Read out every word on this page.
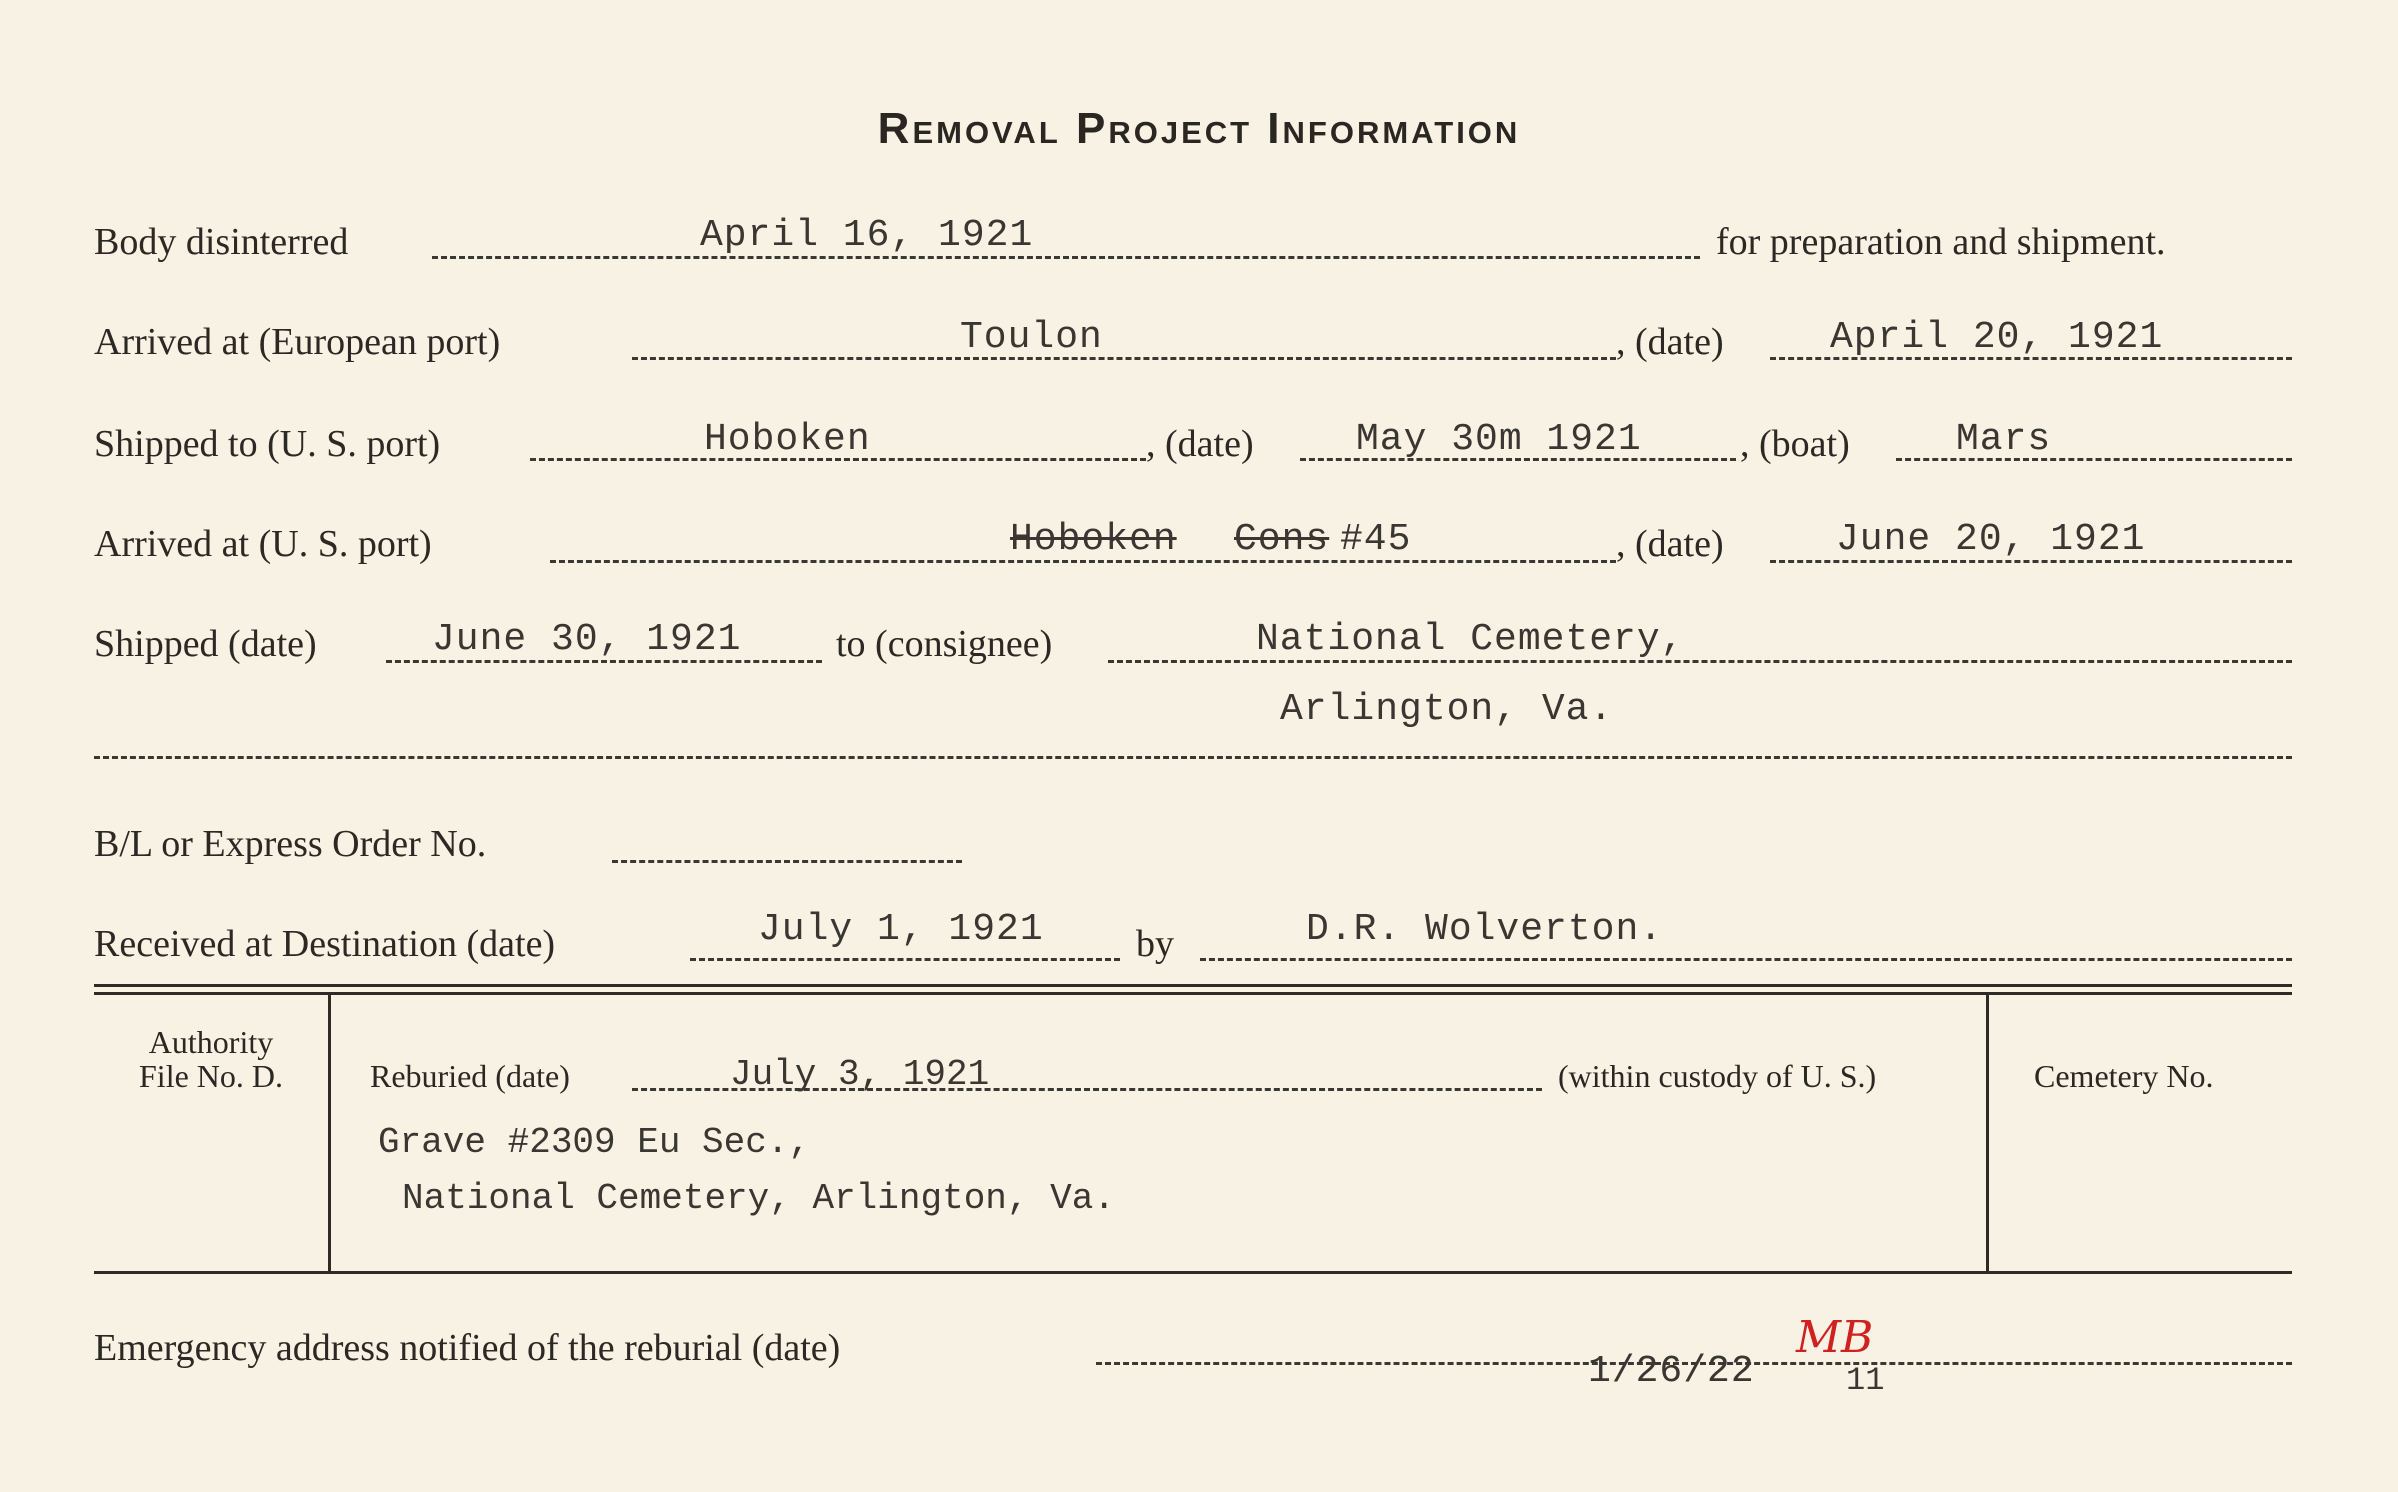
Removal Project Information
Body disinterred	April 16, 1921	for preparation and shipment.
Arrived at (European port)	Toulon	, (date)	April 20, 1921
Shipped to (U. S. port)	Hoboken	, (date)	May 30m 1921	, (boat)	Mars
Arrived at (U. S. port)	Hoboken Cons #45	, (date)	June 20, 1921
Shipped (date)	June 30, 1921 to (consignee)	National Cemetery,
Arlington, Va.
B/L or Express Order No.
Received at Destination (date)	July 1, 1921 by	D.R. Wolverton.
Authority
File No. D.	Reburied (date)	July 3, 1921	(within custody of U. S.)
Grave #2309 Eu Sec.,
National Cemetery, Arlington, Va.
Cemetery No.
Emergency address notified of the reburial (date)
1/26/22
MB
11
